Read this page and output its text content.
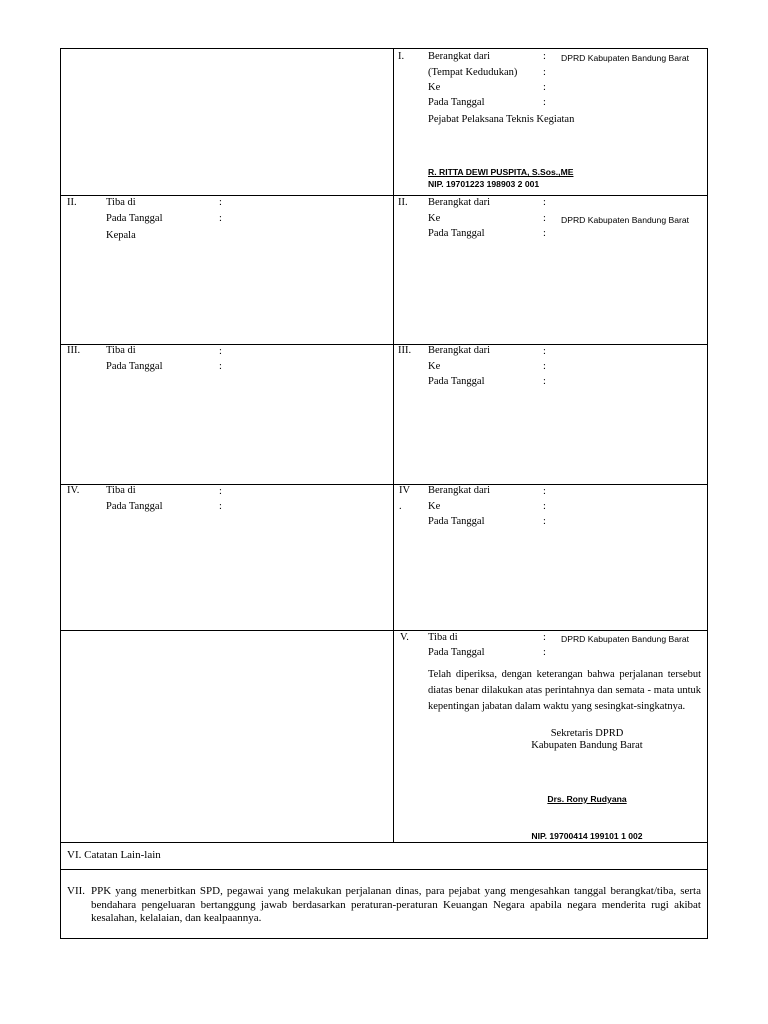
I. Berangkat dari
(Tempat Kedudukan)
Ke
Pada Tanggal
:
:
:
:
DPRD Kabupaten Bandung Barat
Pejabat Pelaksana Teknis Kegiatan
R. RITTA DEWI PUSPITA, S.Sos.,ME
NIP. 19701223 198903 2 001
II.	Tiba di
Pada Tanggal
Kepala
:
:
II. Berangkat dari
Ke
Pada Tanggal
:
:
:
DPRD Kabupaten Bandung Barat
III. Tiba di
Pada Tanggal
:
:
III. Berangkat dari
Ke
Pada Tanggal
:
:
:
IV.	Tiba di
Pada Tanggal
:
:
IV
.
Berangkat dari
Ke
Pada Tanggal
:
:
:
V. Tiba di
Pada Tanggal
:
:
DPRD Kabupaten Bandung Barat
Telah diperiksa, dengan keterangan bahwa perjalanan tersebut diatas benar dilakukan atas perintahnya dan semata - mata untuk kepentingan jabatan dalam waktu yang sesingkat-singkatnya.
Sekretaris DPRD
Kabupaten Bandung Barat
Drs. Rony Rudyana
NIP. 19700414 199101 1 002
VI. Catatan Lain-lain
VII. PPK yang menerbitkan SPD, pegawai yang melakukan perjalanan dinas, para pejabat yang mengesahkan tanggal berangkat/tiba, serta bendahara pengeluaran bertanggung jawab berdasarkan peraturan-peraturan Keuangan Negara apabila negara menderita rugi akibat kesalahan, kelalaian, dan kealpaannya.
